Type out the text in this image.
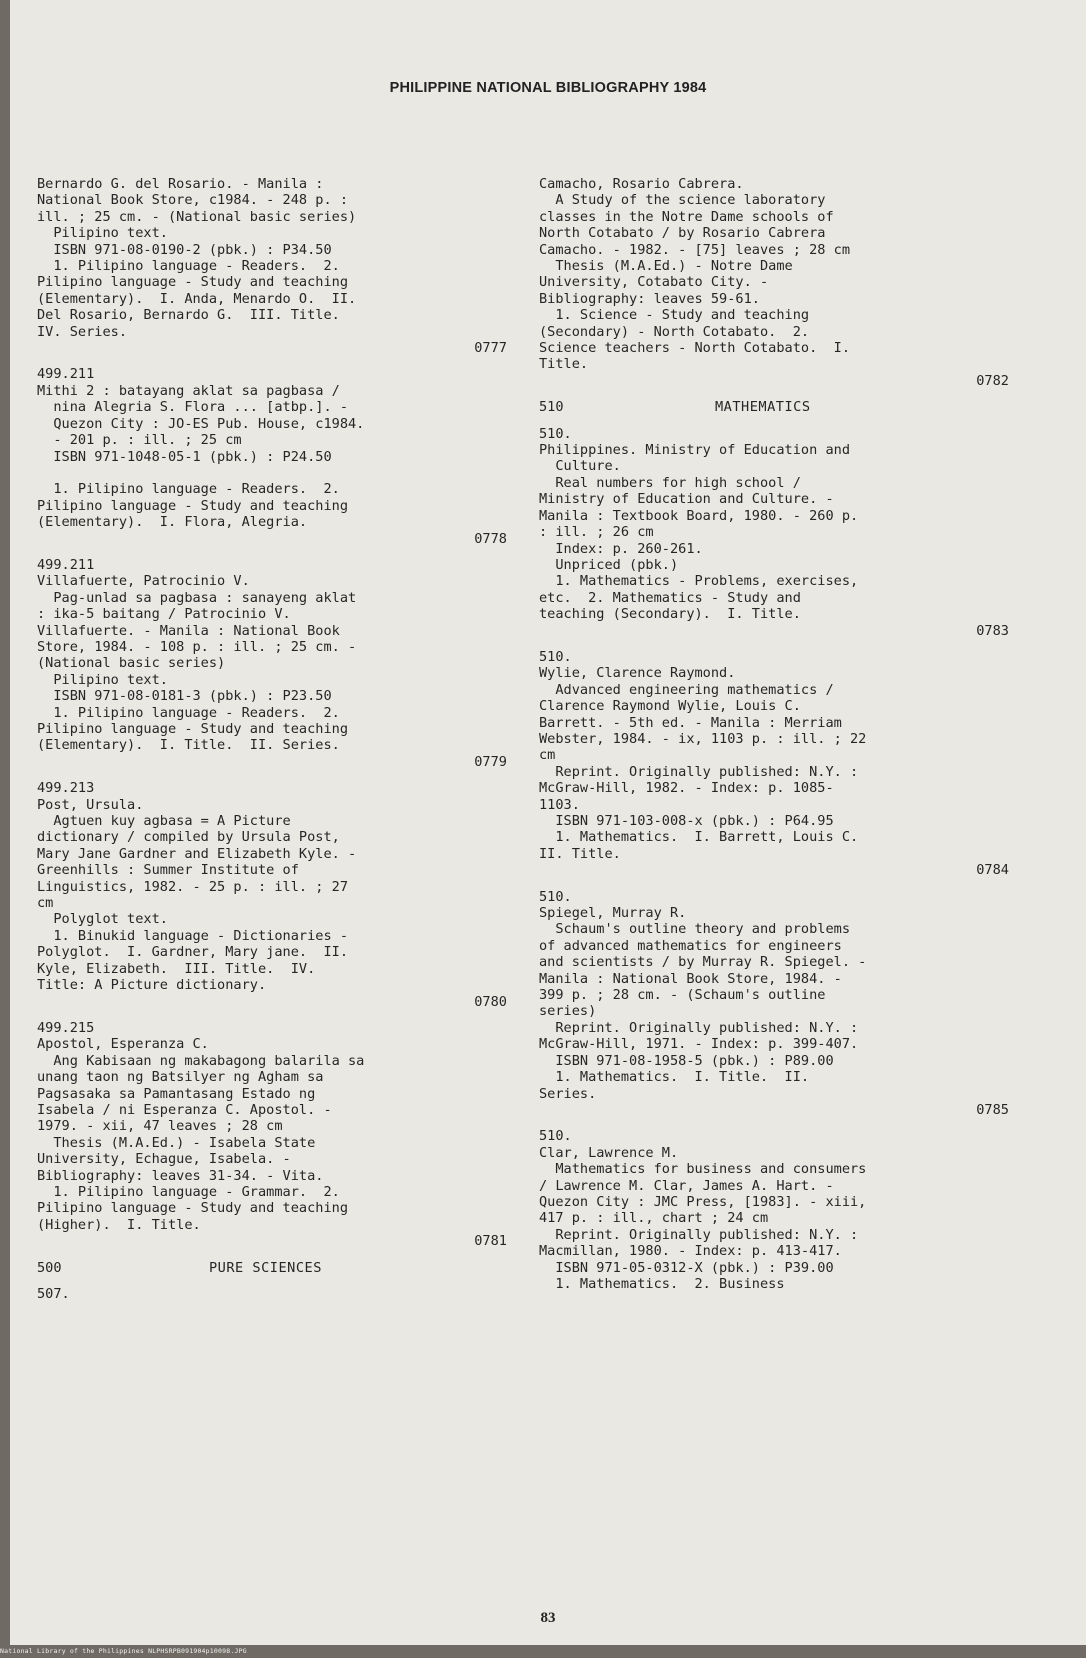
PHILIPPINE NATIONAL BIBLIOGRAPHY 1984
Bernardo G. del Rosario. - Manila :
National Book Store, c1984. - 248 p. :
ill. ; 25 cm. - (National basic series)
Pilipino text.
ISBN 971-08-0190-2 (pbk.) : P34.50
1. Pilipino language - Readers.  2.
Pilipino language - Study and teaching
(Elementary).  I. Anda, Menardo O.  II.
Del Rosario, Bernardo G.  III. Title.
IV. Series.
0777
499.211
Mithi 2 : batayang aklat sa pagbasa /
nina Alegria S. Flora ... [atbp.]. -
Quezon City : JO-ES Pub. House, c1984.
- 201 p. : ill. ; 25 cm
ISBN 971-1048-05-1 (pbk.) : P24.50

1. Pilipino language - Readers.  2.
Pilipino language - Study and teaching
(Elementary).  I. Flora, Alegria.
0778
499.211
Villafuerte, Patrocinio V.
Pag-unlad sa pagbasa : sanayeng aklat
: ika-5 baitang / Patrocinio V.
Villafuerte. - Manila : National Book
Store, 1984. - 108 p. : ill. ; 25 cm. -
(National basic series)
Pilipino text.
ISBN 971-08-0181-3 (pbk.) : P23.50
1. Pilipino language - Readers.  2.
Pilipino language - Study and teaching
(Elementary).  I. Title.  II. Series.
0779
499.213
Post, Ursula.
Agtuen kuy agbasa = A Picture
dictionary / compiled by Ursula Post,
Mary Jane Gardner and Elizabeth Kyle. -
Greenhills : Summer Institute of
Linguistics, 1982. - 25 p. : ill. ; 27
cm
Polyglot text.
1. Binukid language - Dictionaries -
Polyglot.  I. Gardner, Mary jane.  II.
Kyle, Elizabeth.  III. Title.  IV.
Title: A Picture dictionary.
0780
499.215
Apostol, Esperanza C.
Ang Kabisaan ng makabagong balarila sa
unang taon ng Batsilyer ng Agham sa
Pagsasaka sa Pamantasang Estado ng
Isabela / ni Esperanza C. Apostol. -
1979. - xii, 47 leaves ; 28 cm
Thesis (M.A.Ed.) - Isabela State
University, Echague, Isabela. -
Bibliography: leaves 31-34. - Vita.
1. Pilipino language - Grammar.  2.
Pilipino language - Study and teaching
(Higher).  I. Title.
0781
500	PURE SCIENCES
507.
Camacho, Rosario Cabrera.
A Study of the science laboratory
classes in the Notre Dame schools of
North Cotabato / by Rosario Cabrera
Camacho. - 1982. - [75] leaves ; 28 cm
Thesis (M.A.Ed.) - Notre Dame
University, Cotabato City. -
Bibliography: leaves 59-61.
1. Science - Study and teaching
(Secondary) - North Cotabato.  2.
Science teachers - North Cotabato.  I.
Title.
0782
510	MATHEMATICS
510.
Philippines. Ministry of Education and
Culture.
Real numbers for high school /
Ministry of Education and Culture. -
Manila : Textbook Board, 1980. - 260 p.
: ill. ; 26 cm
Index: p. 260-261.
Unpriced (pbk.)
1. Mathematics - Problems, exercises,
etc.  2. Mathematics - Study and
teaching (Secondary).  I. Title.
0783
510.
Wylie, Clarence Raymond.
Advanced engineering mathematics /
Clarence Raymond Wylie, Louis C.
Barrett. - 5th ed. - Manila : Merriam
Webster, 1984. - ix, 1103 p. : ill. ; 22
cm
Reprint. Originally published: N.Y. :
McGraw-Hill, 1982. - Index: p. 1085-
1103.
ISBN 971-103-008-x (pbk.) : P64.95
1. Mathematics.  I. Barrett, Louis C.
II. Title.
0784
510.
Spiegel, Murray R.
Schaum's outline theory and problems
of advanced mathematics for engineers
and scientists / by Murray R. Spiegel. -
Manila : National Book Store, 1984. -
399 p. ; 28 cm. - (Schaum's outline
series)
Reprint. Originally published: N.Y. :
McGraw-Hill, 1971. - Index: p. 399-407.
ISBN 971-08-1958-5 (pbk.) : P89.00
1. Mathematics.  I. Title.  II.
Series.
0785
510.
Clar, Lawrence M.
Mathematics for business and consumers
/ Lawrence M. Clar, James A. Hart. -
Quezon City : JMC Press, [1983]. - xiii,
417 p. : ill., chart ; 24 cm
Reprint. Originally published: N.Y. :
Macmillan, 1980. - Index: p. 413-417.
ISBN 971-05-0312-X (pbk.) : P39.00
1. Mathematics.  2. Business
83
National Library of the Philippines NLPHSRPB091904p10098.JPG
